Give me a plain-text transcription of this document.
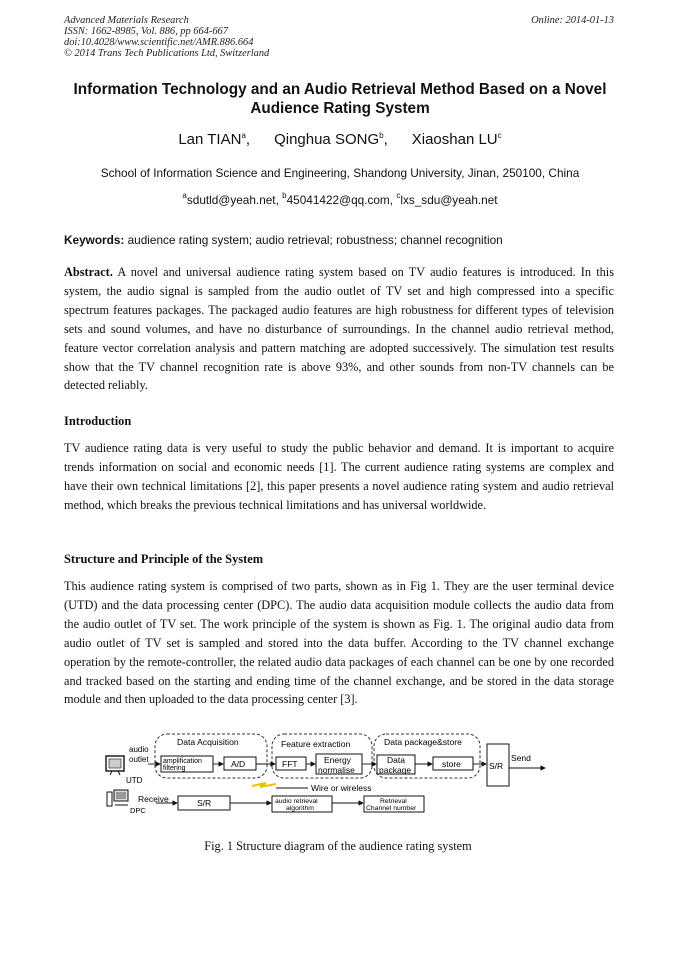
Advanced Materials Research
ISSN: 1662-8985, Vol. 886, pp 664-667
doi:10.4028/www.scientific.net/AMR.886.664
© 2014 Trans Tech Publications Ltd, Switzerland
Online: 2014-01-13
Information Technology and an Audio Retrieval Method Based on a Novel Audience Rating System
Lan TIAN$^a$, Qinghua SONG$^b$, Xiaoshan $LU^c$
School of Information Science and Engineering, Shandong University, Jinan, 250100, China
$^a$sdutld@yeah.net, $^b$45041422@qq.com, $^c$lxs_sdu@yeah.net
Keywords: audience rating system; audio retrieval; robustness; channel recognition
Abstract. A novel and universal audience rating system based on TV audio features is introduced. In this system, the audio signal is sampled from the audio outlet of TV set and high compressed into a specific spectrum features packages. The packaged audio features are high robustness for different types of television sets and sound volumes, and have no disturbance of surroundings. In the channel audio retrieval method, feature vector correlation analysis and pattern matching are adopted successively. The simulation test results show that the TV channel recognition rate is above 93%, and other sounds from non-TV channels can be detected reliably.
Introduction
TV audience rating data is very useful to study the public behavior and demand. It is important to acquire trends information on social and economic needs [1]. The current audience rating systems are complex and have their own technical limitations [2], this paper presents a novel audience rating system and audio retrieval method, which breaks the previous technical limitations and has universal worldwide.
Structure and Principle of the System
This audience rating system is comprised of two parts, shown as in Fig 1. They are the user terminal device (UTD) and the data processing center (DPC). The audio data acquisition module collects the audio data from the audio outlet of TV set. The work principle of the system is shown as Fig. 1. The original audio data from audio outlet of TV set is sampled and stored into the data buffer. According to the TV channel exchange operation by the remote-controller, the related audio data packages of each channel can be one by one recorded and tracked based on the starting and ending time of the channel exchange, and be stored in the data storage module and then uploaded to the data processing center [3].
Data Acquisition	Feature extraction	Data package&store
audio
outlet
UTD
amplification
filtering	A/D	FFT	Energy
normalise
Data
package
store	S/R
Send
Wire or wireless
Receive
DPC
S/R	audio retrieval
algorithm
Retrieval
Channel number
Fig. 1 Structure diagram of the audience rating system
